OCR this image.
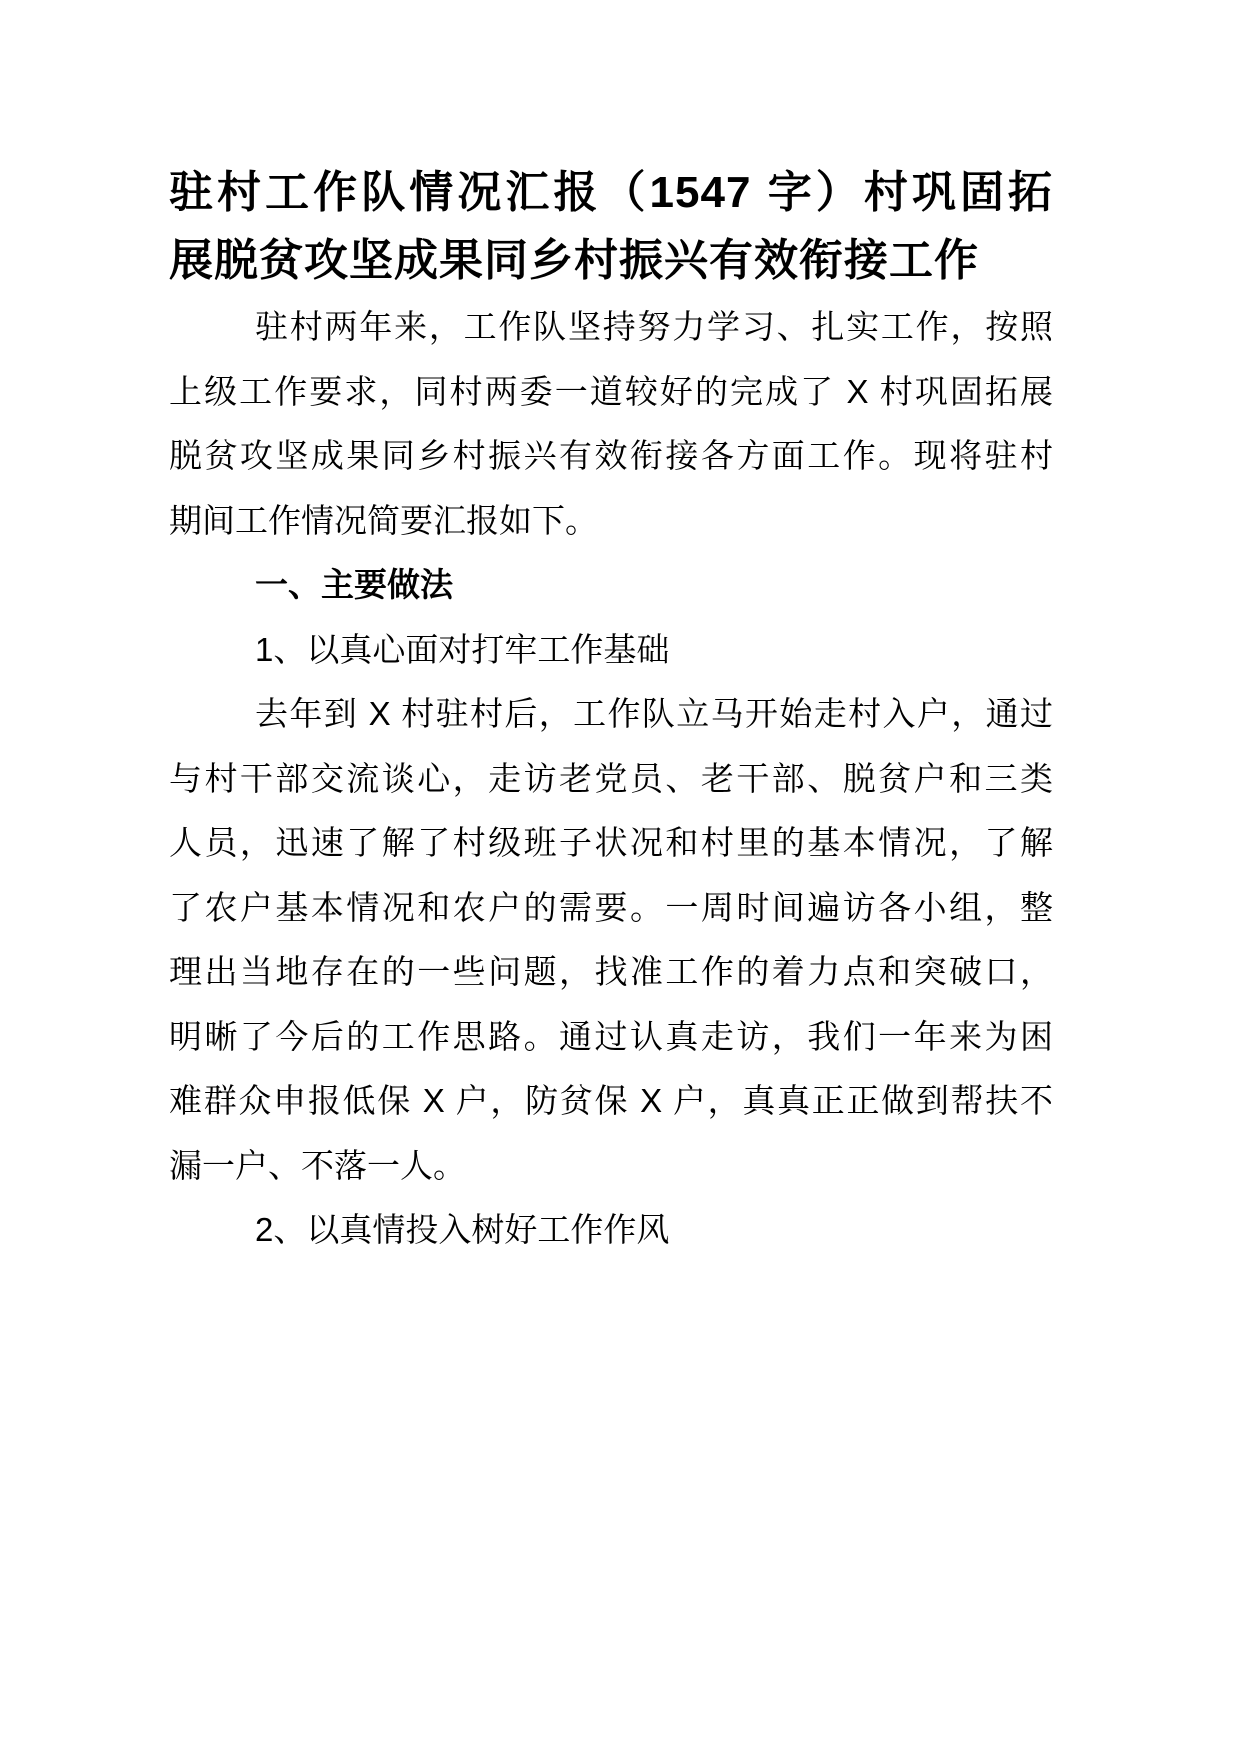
驻村工作队情况汇报（1547 字）村巩固拓
展脱贫攻坚成果同乡村振兴有效衔接工作
驻村两年来，工作队坚持努力学习、扎实工作，按照
上级工作要求，同村两委一道较好的完成了 X 村巩固拓展
脱贫攻坚成果同乡村振兴有效衔接各方面工作。现将驻村
期间工作情况简要汇报如下。
一、主要做法
1、以真心面对打牢工作基础
去年到 X 村驻村后，工作队立马开始走村入户，通过
与村干部交流谈心，走访老党员、老干部、脱贫户和三类
人员，迅速了解了村级班子状况和村里的基本情况，了解
了农户基本情况和农户的需要。一周时间遍访各小组，整
理出当地存在的一些问题，找准工作的着力点和突破口，
明晰了今后的工作思路。通过认真走访，我们一年来为困
难群众申报低保 X 户，防贫保 X 户，真真正正做到帮扶不
漏一户、不落一人。
2、以真情投入树好工作作风
